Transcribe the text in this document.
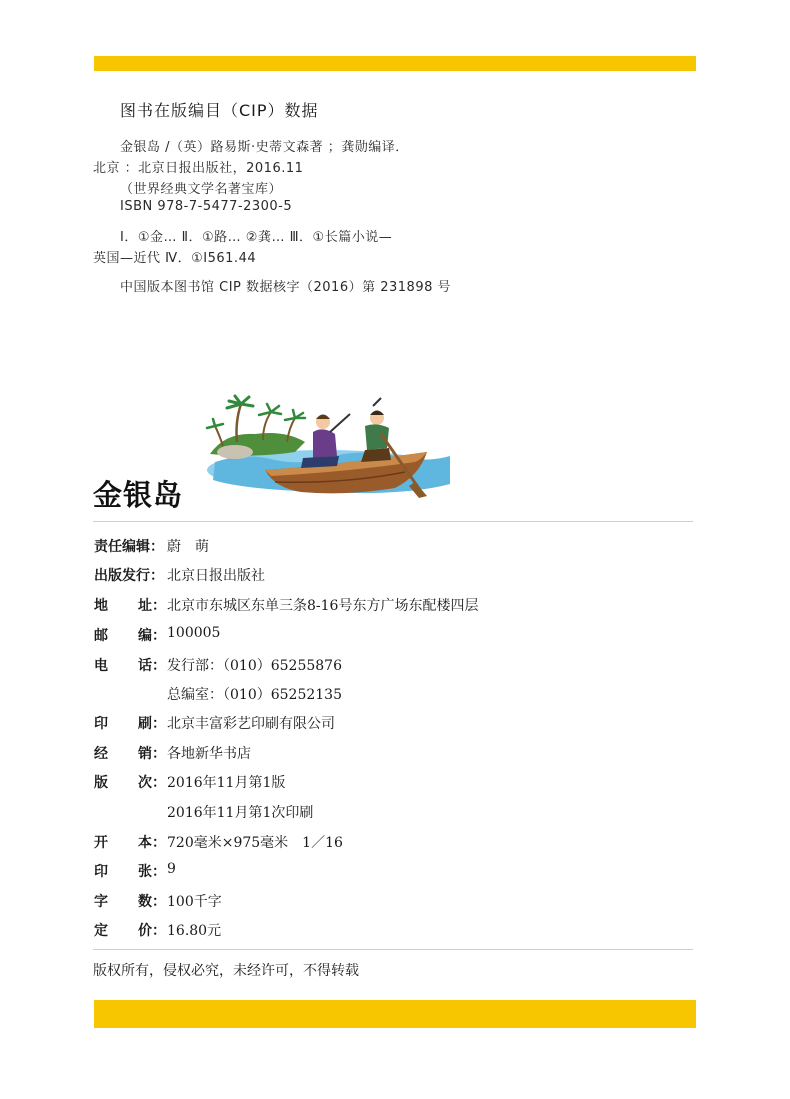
图书在版编目（CIP）数据
金银岛 /（英）路易斯·史蒂文森著 ；龚勋编译．
北京 ：北京日报出版社，2016.11
（世界经典文学名著宝库）
ISBN 978-7-5477-2300-5
Ⅰ．①金… Ⅱ．①路… ②龚… Ⅲ．①长篇小说—
英国—近代 Ⅳ．①I561.44
中国版本图书馆 CIP 数据核字（2016）第 231898 号
金银岛
责任编辑： 蔚　萌
出版发行： 北京日报出版社
地 址 ： 北京市东城区东单三条8-16号东方广场东配楼四层
邮 编 ： 100005
电 话 ： 发行部：（010）65255876
总编室：（010）65252135
印 刷 ： 北京丰富彩艺印刷有限公司
经 销 ： 各地新华书店
版 次 ： 2016年11月第1版
2016年11月第1次印刷
开 本 ： 720毫米×975毫米　1／16
印 张 ： 9
字 数 ： 100千字
定 价 ： 16.80元
版权所有，侵权必究，未经许可，不得转载
